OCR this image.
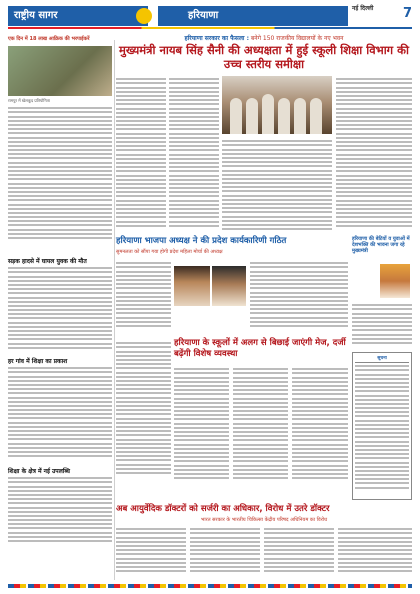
राष्ट्रीय सागर	हरियाणा
नई दिल्ली	7
एक दिन में 18 लाख आक्रिक की भरपाईकरें
रामपुर में खेलकूद प्रतियोगिता
सड़क हादसे में घायल युवक की मौत
हर गांव में शिक्षा का प्रकाश
शिक्षा के क्षेत्र में नई उपलब्धि
हरियाणा सरकार का फैसला : बनेगे 150 राजकीय विद्यालयों के नए भवन
मुख्यमंत्री नायब सिंह सैनी की अध्यक्षता में हुई स्कूली शिक्षा विभाग की उच्च स्तरीय समीक्षा
हरियाणा भाजपा अध्यक्ष ने की प्रदेश कार्यकारिणी गठित
सुमनलता को सौंपा गया होगी प्रदेश महिला मोर्चा की अध्यक्ष
हरियाणा की बेटियों व युवाओं में देशभक्ति की भावना जगा रहे मुख्यमंत्री
हरियाणा के स्कूलों में अलग से बिछाई जाएंगी मेज, दर्जी बढ़ेंगी विशेष व्यवस्था	सूचना
अब आयुर्वेदिक डॉक्टरों को सर्जरी का अधिकार, विरोध में उतरे डॉक्टर
भारत सरकार के भारतीय चिकित्सा केंद्रीय परिषद अधिनियम का विरोध
